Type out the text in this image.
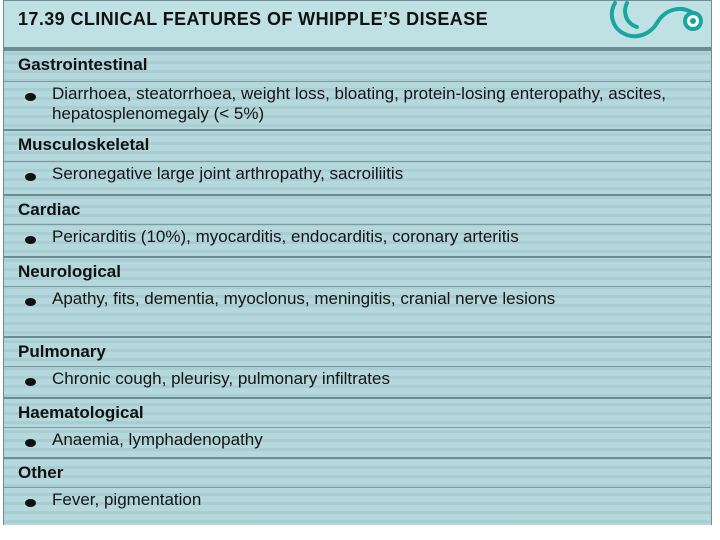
17.39 CLINICAL FEATURES OF WHIPPLE’S DISEASE
Gastrointestinal
Diarrhoea, steatorrhoea, weight loss, bloating, protein-losing enteropathy, ascites, hepatosplenomegaly (< 5%)
Musculoskeletal
Seronegative large joint arthropathy, sacroiliitis
Cardiac
Pericarditis (10%), myocarditis, endocarditis, coronary arteritis
Neurological
Apathy, fits, dementia, myoclonus, meningitis, cranial nerve lesions
Pulmonary
Chronic cough, pleurisy, pulmonary infiltrates
Haematological
Anaemia, lymphadenopathy
Other
Fever, pigmentation
